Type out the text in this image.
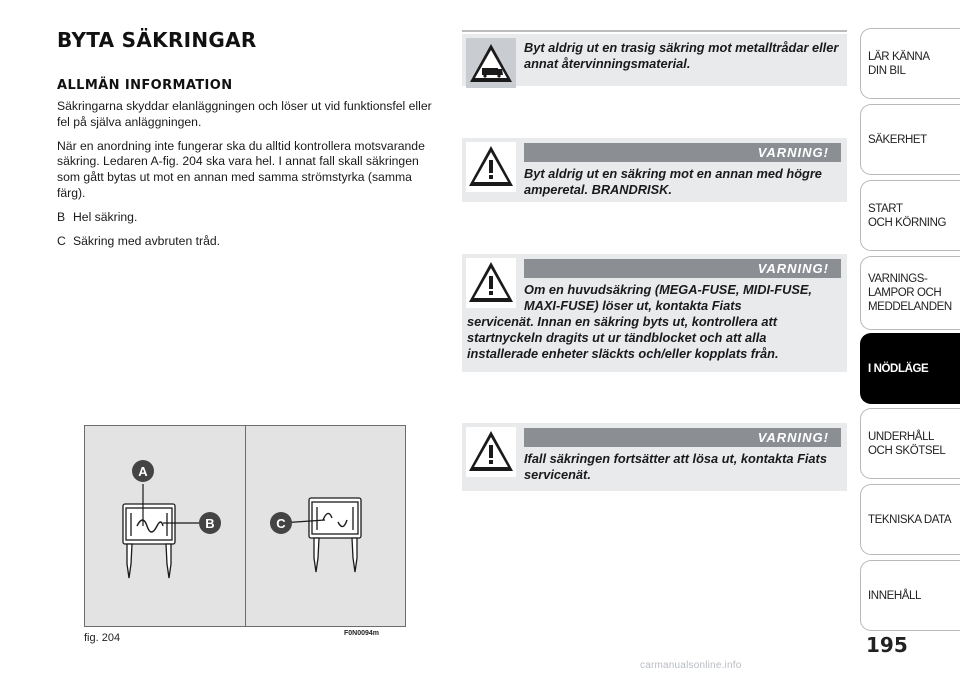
BYTA SÄKRINGAR
ALLMÄN INFORMATION
Säkringarna skyddar elanläggningen och löser ut vid funktionsfel eller fel på själva anläggningen.
När en anordning inte fungerar ska du alltid kontrollera motsvarande säkring. Ledaren A-fig. 204 ska vara hel. I annat fall skall säkringen som gått bytas ut mot en annan med samma strömstyrka (samma färg).
B Hel säkring.
C Säkring med avbruten tråd.
A
B	C
fig. 204	F0N0094m
Byt aldrig ut en trasig säkring mot metalltrådar eller annat återvinningsmaterial.
VARNING!
Byt aldrig ut en säkring mot en annan med högre amperetal. BRANDRISK.
VARNING!
Om en huvudsäkring (MEGA-FUSE, MIDI-FUSE, MAXI-FUSE) löser ut, kontakta Fiats
servicenät. Innan en säkring byts ut, kontrollera att startnyckeln dragits ut ur tändblocket och att alla installerade enheter släckts och/eller kopplats från.
VARNING!
Ifall säkringen fortsätter att lösa ut, kontakta Fiats servicenät.
LÄR KÄNNA
DIN BIL
SÄKERHET
START
OCH KÖRNING
VARNINGS-
LAMPOR OCH
MEDDELANDEN
I NÖDLÄGE
UNDERHÅLL
OCH SKÖTSEL
TEKNISKA DATA
INNEHÅLL
195
carmanualsonline.info
